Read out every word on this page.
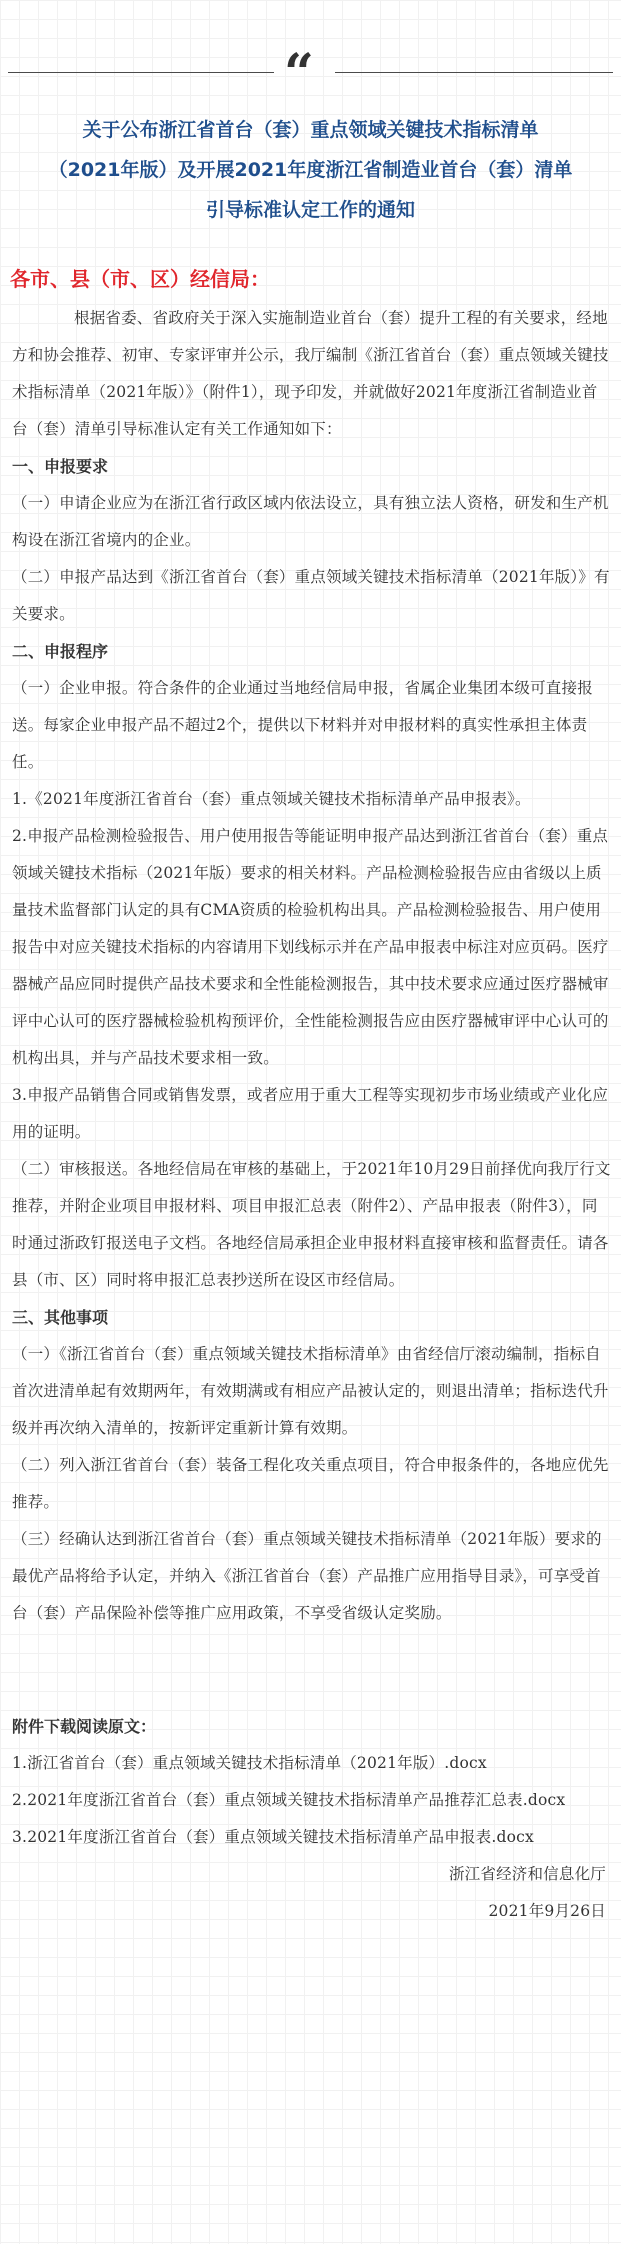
“
关于公布浙江省首台（套）重点领域关键技术指标清单
（2021年版）及开展2021年度浙江省制造业首台（套）清单
引导标准认定工作的通知
各市、县（市、区）经信局：

根据省委、省政府关于深入实施制造业首台（套）提升工程的有关要求，经地方和协会推荐、初审、专家评审并公示，我厅编制《浙江省首台（套）重点领域关键技术指标清单（2021年版）》（附件1），现予印发，并就做好2021年度浙江省制造业首台（套）清单引导标准认定有关工作通知如下：

一、申报要求

（一）申请企业应为在浙江省行政区域内依法设立，具有独立法人资格，研发和生产机构设在浙江省境内的企业。

（二）申报产品达到《浙江省首台（套）重点领域关键技术指标清单（2021年版）》有关要求。

二、申报程序

（一）企业申报。符合条件的企业通过当地经信局申报，省属企业集团本级可直接报送。每家企业申报产品不超过2个，提供以下材料并对申报材料的真实性承担主体责任。

1.《2021年度浙江省首台（套）重点领域关键技术指标清单产品申报表》。

2.申报产品检测检验报告、用户使用报告等能证明申报产品达到浙江省首台（套）重点领域关键技术指标（2021年版）要求的相关材料。产品检测检验报告应由省级以上质量技术监督部门认定的具有CMA资质的检验机构出具。产品检测检验报告、用户使用报告中对应关键技术指标的内容请用下划线标示并在产品申报表中标注对应页码。医疗器械产品应同时提供产品技术要求和全性能检测报告，其中技术要求应通过医疗器械审评中心认可的医疗器械检验机构预评价，全性能检测报告应由医疗器械审评中心认可的机构出具，并与产品技术要求相一致。

3.申报产品销售合同或销售发票，或者应用于重大工程等实现初步市场业绩或产业化应用的证明。

（二）审核报送。各地经信局在审核的基础上，于2021年10月29日前择优向我厅行文推荐，并附企业项目申报材料、项目申报汇总表（附件2）、产品申报表（附件3），同时通过浙政钉报送电子文档。各地经信局承担企业申报材料直接审核和监督责任。请各县（市、区）同时将申报汇总表抄送所在设区市经信局。

三、其他事项

（一）《浙江省首台（套）重点领域关键技术指标清单》由省经信厅滚动编制，指标自首次进清单起有效期两年，有效期满或有相应产品被认定的，则退出清单；指标迭代升级并再次纳入清单的，按新评定重新计算有效期。

（二）列入浙江省首台（套）装备工程化攻关重点项目，符合申报条件的，各地应优先推荐。

（三）经确认达到浙江省首台（套）重点领域关键技术指标清单（2021年版）要求的最优产品将给予认定，并纳入《浙江省首台（套）产品推广应用指导目录》，可享受首台（套）产品保险补偿等推广应用政策，不享受省级认定奖励。

附件下载阅读原文：

1.浙江省首台（套）重点领域关键技术指标清单（2021年版）.docx

2.2021年度浙江省首台（套）重点领域关键技术指标清单产品推荐汇总表.docx

3.2021年度浙江省首台（套）重点领域关键技术指标清单产品申报表.docx

浙江省经济和信息化厅

2021年9月26日
